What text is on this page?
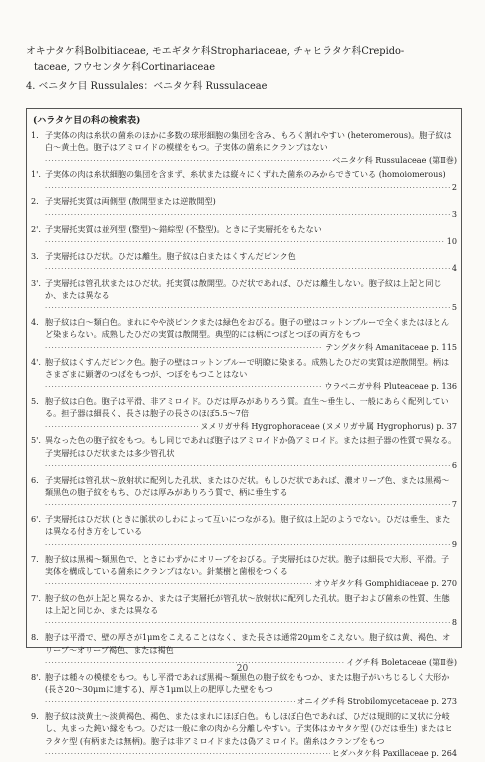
オキナタケ科Bolbitiaceae, モエギタケ科Strophariaceae, チャヒラタケ科Crepido-
taceae, フウセンタケ科Cortinariaceae
4. ベニタケ目 Russulales：ベニタケ科 Russulaceae
(ハラタケ目の科の検索表)
1. 子実体の肉は糸状の菌糸のほかに多数の球形細胞の集団を含み、もろく割れやすい (heteromerous)。胞子紋は白〜黄土色。胞子はアミロイドの模様をもつ。子実体の菌糸にクランプはない
·····
ベニタケ科 Russulaceae (第Ⅱ巻)
1'. 子実体の肉は糸状細胞の集団を含まず、糸状または縦々にくずれた菌糸のみからできている (homoiomerous)
·····
2
2. 子実層托実質は両側型 (散開型または逆散開型)
·····
3
2'. 子実層托実質は並列型 (整型)〜錯綜型 (不整型)。ときに子実層托をもたない
·····
10
3. 子実層托はひだ状。ひだは離生。胞子紋は白またはくすんだピンク色
·····
4
3'. 子実層托は管孔状またはひだ状。托実質は散開型。ひだ状であれば、ひだは離生しない。胞子紋は上記と同じか、または異なる
·····
5
4. 胞子紋は白〜類白色。まれにやや淡ピンクまたは緑色をおびる。胞子の壁はコットンブルーで全くまたはほとんど染まらない。成熟したひだの実質は散開型。典型的には柄につばとつぼの両方をもつ
·····
テングタケ科 Amanitaceae p. 115
4'. 胞子紋はくすんだピンク色。胞子の壁はコットンブルーで明瞭に染まる。成熟したひだの実質は逆散開型。柄はさまざまに顕著のつばをもつが、つぼをもつことはない
·····
ウラベニガサ科 Pluteaceae p. 136
5. 胞子紋は白色。胞子は平滑、非アミロイド。ひだは厚みがありろう質。直生〜垂生し、一般にあらく配列している。担子器は細長く、長さは胞子の長さのほぼ5.5〜7倍
·····
ヌメリガサ科 Hygrophoraceae (ヌメリガサ属 Hygrophorus) p. 37
5'. 異なった色の胞子紋をもつ。もし同じであれば胞子はアミロイドか偽アミロイド。または担子器の性質で異なる。子実層托はひだ状または多少管孔状
·····
6
6. 子実層托は管孔状〜放射状に配列した孔状、またはひだ状。もしひだ状であれば、濃オリーブ色、または黒褐〜類黒色の胞子紋をもち、ひだは厚みがありろう質で、柄に垂生する
·····
7
6'. 子実層托はひだ状 (ときに脈状のしわによって互いにつながる)。胞子紋は上記のようでない。ひだは垂生、または異なる付き方をしている
·····
9
7. 胞子紋は黒褐〜類黒色で、ときにわずかにオリーブをおびる。子実層托はひだ状。胞子は細長で大形、平滑。子実体を構成している菌糸にクランプはない。針葉樹と菌根をつくる
·····
オウギタケ科 Gomphidiaceae p. 270
7'. 胞子紋の色が上記と異なるか、または子実層托が管孔状〜放射状に配列した孔状。胞子および菌糸の性質、生態は上記と同じか、または異なる
·····
8
8. 胞子は平滑で、壁の厚さが1μmをこえることはなく、また長さは通常20μmをこえない。胞子紋は黄、褐色、オリーブ〜オリーブ褐色、または褐色
·····
イグチ科 Boletaceae (第Ⅱ巻)
8'. 胞子は種々の模様をもつ。もし平滑であれば黒褐〜類黒色の胞子紋をもつか、または胞子がいちじるしく大形か (長さ20〜30μmに達する)、厚さ1μm以上の肥厚した壁をもつ
·····
オニイグチ科 Strobilomycetaceae p. 273
9. 胞子紋は淡黄土〜淡黄褐色、褐色、またはまれにほぼ白色。もしほぼ白色であれば、ひだは規則的に叉状に分岐し、丸まった鈍い縁をもつ。ひだは一般に傘の肉から分離しやすい。子実体はカヤタケ型 (ひだは垂生) またはヒラタケ型 (有柄または無柄)。胞子は非アミロイドまたは偽アミロイド。菌糸はクランプをもつ
·····
ヒダハタケ科 Paxillaceae p. 264
20
